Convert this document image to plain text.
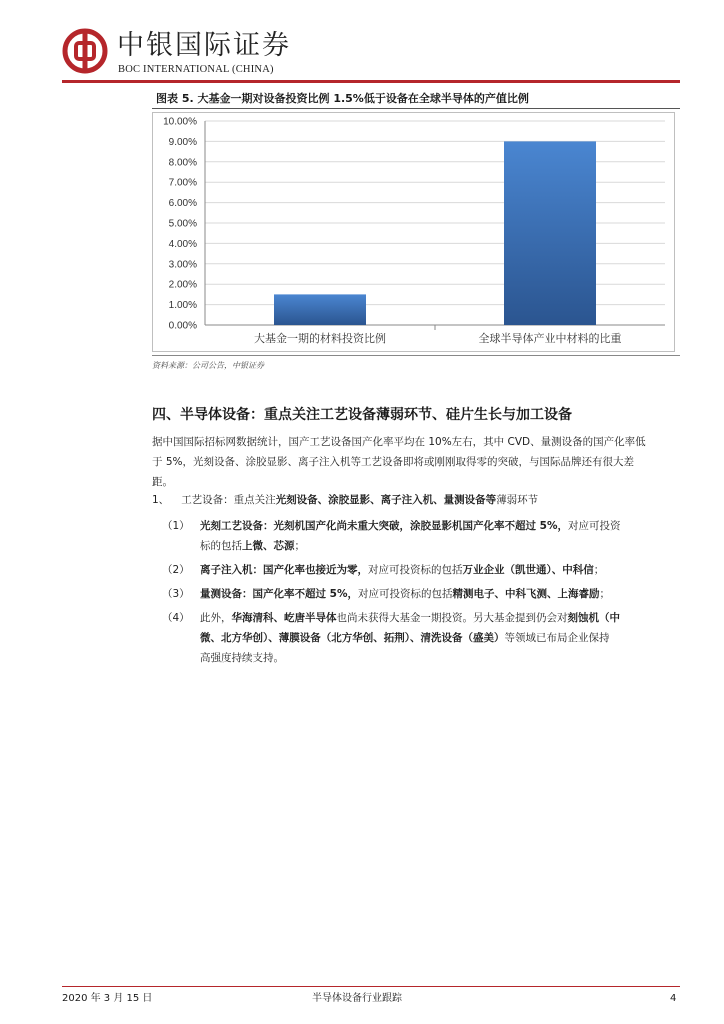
中银国际证券
BOC INTERNATIONAL (CHINA)
图表 5. 大基金一期对设备投资比例 1.5%低于设备在全球半导体的产值比例
0.00%
1.00%
2.00%
3.00%
4.00%
5.00%
6.00%
7.00%
8.00%
9.00%
10.00%
大基金一期的材料投资比例	全球半导体产业中材料的比重
资料来源：公司公告，中银证券
四、半导体设备：重点关注工艺设备薄弱环节、硅片生长与加工设备
据中国国际招标网数据统计，国产工艺设备国产化率平均在 10%左右，其中 CVD、量测设备的国产化率低
于 5%，光刻设备、涂胶显影、离子注入机等工艺设备即将或刚刚取得零的突破，与国际品牌还有很大差
距。
1、 工艺设备：重点关注光刻设备、涂胶显影、离子注入机、量测设备等薄弱环节
（1） 光刻工艺设备：光刻机国产化尚未重大突破，涂胶显影机国产化率不超过 5%，对应可投资
标的包括上微、芯源；
（2） 离子注入机：国产化率也接近为零，对应可投资标的包括万业企业（凯世通）、中科信；
（3） 量测设备：国产化率不超过 5%，对应可投资标的包括精测电子、中科飞测、上海睿励；
（4） 此外，华海清科、屹唐半导体也尚未获得大基金一期投资。另大基金提到仍会对刻蚀机（中
微、北方华创）、薄膜设备（北方华创、拓荆）、清洗设备（盛美）等领域已布局企业保持
高强度持续支持。
2020 年 3 月 15 日	半导体设备行业跟踪	4
